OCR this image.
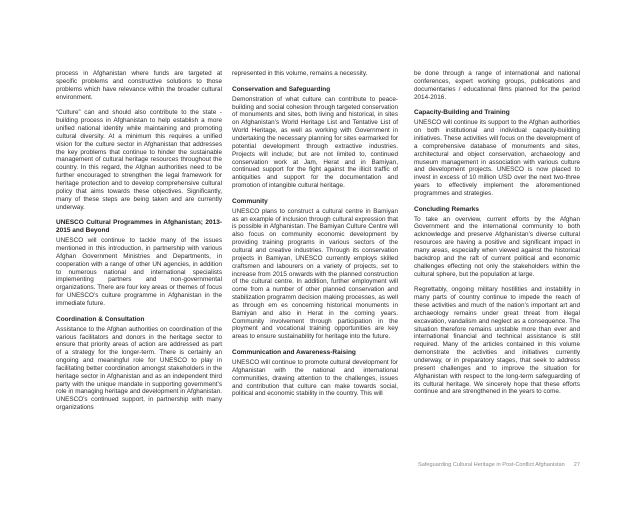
process in Afghanistan where funds are targeted at specific problems and constructive solutions to those problems which have relevance within the broader cultural environment.

“Culture” can and should also contribute to the state -building process in Afghanistan to help establish a more unified national identity while maintaining and promoting cultural diversity. At a minimum this requires a unified vision for the culture sector in Afghanistan that addresses the key problems that continue to hinder the sustainable management of cultural heritage resources throughout the country. In this regard, the Afghan authorities need to be further encouraged to strengthen the legal framework for heritage protection and to develop comprehensive cultural policy that aims towards these objectives. Significantly, many of these steps are being taken and are currently underway.

UNESCO Cultural Programmes in Afghanistan; 2013- 2015 and Beyond

UNESCO will continue to tackle many of the issues mentioned in this introduction, in partnership with various Afghan Government Ministries and Departments, in cooperation with a range of other UN agencies, in addition to numerous national and international specialists implementing partners and non-governmental organizations. There are four key areas or themes of focus for UNESCO’s culture programme in Afghanistan in the immediate future.

Coordination & Consultation

Assistance to the Afghan authorities on coordination of the various facilitators and donors in the heritage sector to ensure that priority areas of action are addressed as part of a strategy for the longer-term. There is certainly an ongoing and meaningful role for UNESCO to play in facilitating better coordination amongst stakeholders in the heritage sector in Afghanistan and as an independent third party with the unique mandate in supporting government’s role in managing heritage and development in Afghanistan. UNESCO’s continued support, in partnership with many organizations

represented in this volume, remains a necessity.

Conservation and Safeguarding

Demonstration of what culture can contribute to peace-building and social cohesion through targeted conservation of monuments and sites, both living and historical, in sites on Afghanistan’s World Heritage List and Tentative List of World Heritage, as well as working with Government in undertaking the necessary planning for sites earmarked for potential development through extractive industries. Projects will include; but are not limited to, continued conservation work at Jam, Herat and in Bamiyan, continued support for the fight against the illicit traffic of antiquities and support for the documentation and promotion of intangible cultural heritage.

Community

UNESCO plans to construct a cultural centre in Bamiyan as an example of inclusion through cultural expression that is possible in Afghanistan. The Bamiyan Culture Centre will also focus on community economic development by providing training programs in various sectors of the cultural and creative industries. Through its conservation projects in Bamiyan, UNESCO currently employs skilled craftsmen and labourers on a variety of projects, set to increase from 2015 onwards with the planned construction of the cultural centre. In addition, further employment will come from a number of other planned conservation and stabilization programm decision making processes, as well as through em es concerning historical monuments in Bamiyan and also in Herat in the coming years. Community involvement through participation in the ployment and vocational training opportunities are key areas to ensure sustainability for heritage into the future.

Communication and Awareness-Raising

UNESCO will continue to promote cultural development for Afghanistan with the national and international communities, drawing attention to the challenges, issues and contribution that culture can make towards social, political and economic stability in the country. This will

be done through a range of international and national conferences, expert working groups, publications and documentaries / educational films planned for the period 2014-2016.

Capacity-Building and Training

UNESCO will continue its support to the Afghan authorities on both institutional and individual capacity-building initiatives. These activities will focus on the development of a comprehensive database of monuments and sites, architectural and object conservation, archaeology and museum management in association with various culture and development projects. UNESCO is now placed to invest in excess of 10 million USD over the next two-three years to effectively implement the aforementioned programmes and strategies.

Concluding Remarks

To take an overview, current efforts by the Afghan Government and the international community to both acknowledge and preserve Afghanistan’s diverse cultural resources are having a positive and significant impact in many areas, especially when viewed against the historical backdrop and the raft of current political and economic challenges effecting not only the stakeholders within the cultural sphere, but the population at large.

Regrettably, ongoing military hostilities and instability in many parts of country continue to impede the reach of these activities and much of the nation’s important art and archaeology remains under great threat from illegal excavation, vandalism and neglect as a consequence. The situation therefore remains unstable more than ever and international financial and technical assistance is still required. Many of the articles contained in this volume demonstrate the activities and initiatives currently underway, or in preparatory stages, that seek to address present challenges and to improve the situation for Afghanistan with respect to the long-term safeguarding of its cultural heritage. We sincerely hope that these efforts continue and are strengthened in the years to come.

Safeguarding Cultural Heritage in Post-Conflict Afghanistan 27
